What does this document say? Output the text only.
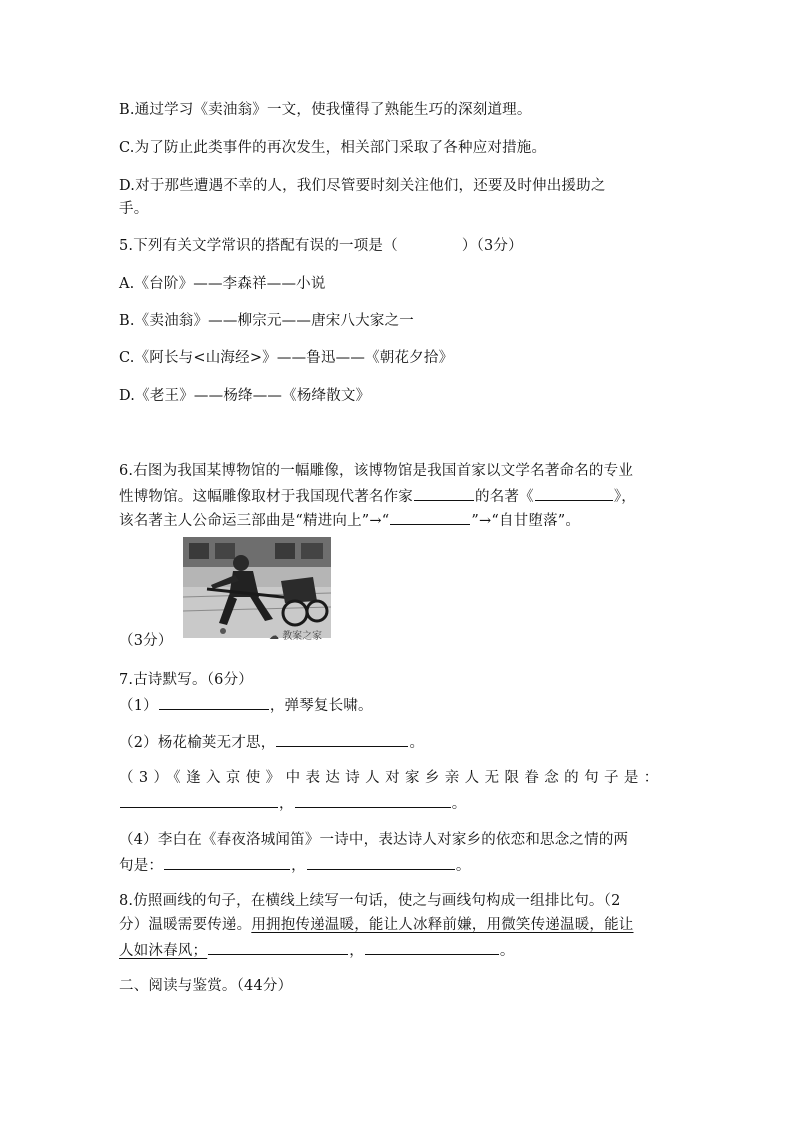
B.通过学习《卖油翁》一文，使我懂得了熟能生巧的深刻道理。
C.为了防止此类事件的再次发生，相关部门采取了各种应对措施。
D.对于那些遭遇不幸的人，我们尽管要时刻关注他们，还要及时伸出援助之
手。
5.下列有关文学常识的搭配有误的一项是（	）（3分）
A.《台阶》——李森祥——小说
B.《卖油翁》——柳宗元——唐宋八大家之一
C.《阿长与<山海经>》——鲁迅——《朝花夕拾》
D.《老王》——杨绛——《杨绛散文》
6.右图为我国某博物馆的一幅雕像，该博物馆是我国首家以文学名著命名的专业
性博物馆。这幅雕像取材于我国现代著名作家	的名著《	》，
该名著主人公命运三部曲是“精进向上”→“	”→“自甘堕落”。
（3分）	☁ 教案之家
7.古诗默写。（6分）
（1）	，弹琴复长啸。
（2）杨花榆荚无才思，	。
（3）《逢入京使》中表达诗人对家乡亲人无限眷念的句子是：
，	。
（4）李白在《春夜洛城闻笛》一诗中，表达诗人对家乡的依恋和思念之情的两
句是：	，	。
8.仿照画线的句子，在横线上续写一句话，使之与画线句构成一组排比句。（2
分）温暖需要传递。用拥抱传递温暖，能让人冰释前嫌，用微笑传递温暖，能让
人如沐春风；	，	。
二、阅读与鉴赏。（44分）
